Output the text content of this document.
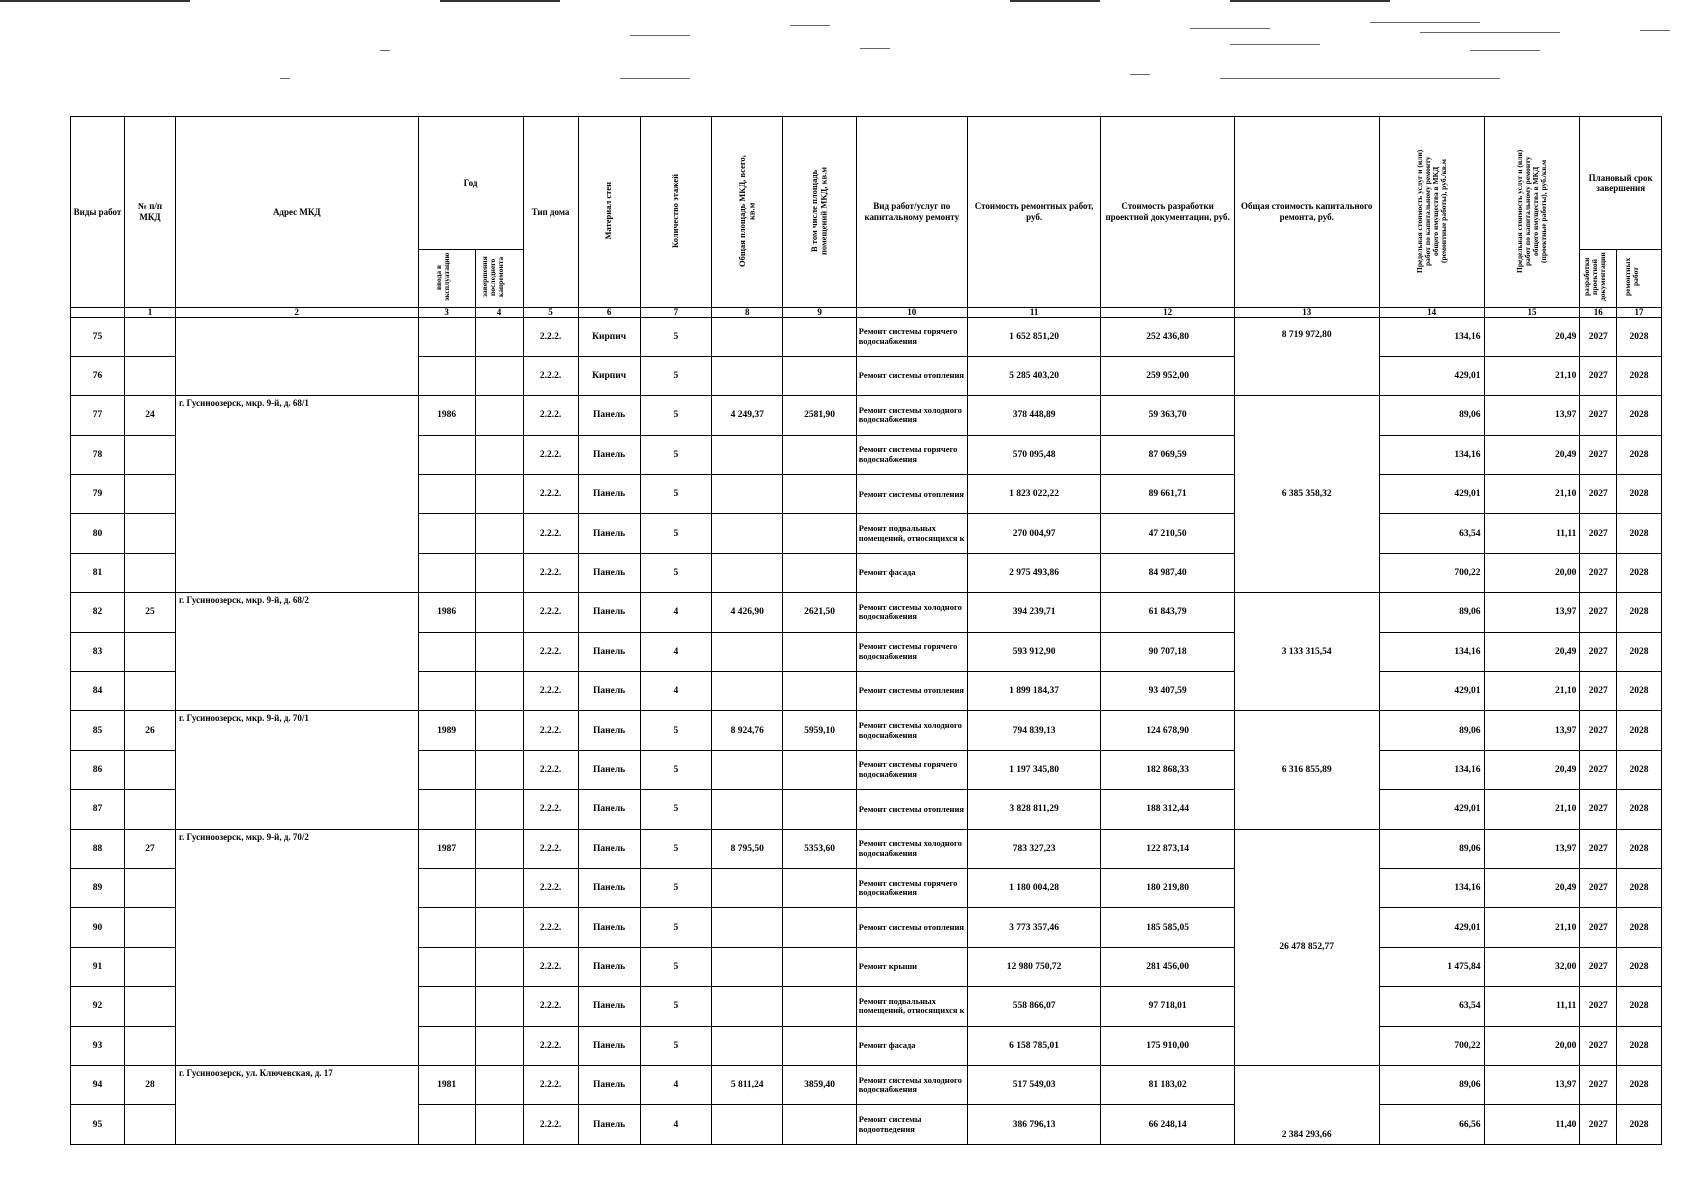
Виды работ	№ п/п МКД	Адрес МКД	Год		Тип дома	Материал стен	Количество этажей	Общая площадь МКД, всего, кв.м	В том числе площадь помещений МКД, кв.м	Вид работ/услуг по капитальному ремонту	Стоимость ремонтных работ, руб.	Стоимость разработки проектной документации, руб.	Общая стоимость капитального ремонта, руб.	Предельная стоимость услуг и (или) работ по капитальному ремонту общего имущества в МКД (ремонтные работы), руб./кв.м	Предельная стоимость услуг и (или) работ по капитальному ремонту общего имущества в МКД (проектные работы), руб./кв.м	Плановый срок завершения	
			ввода в эксплуатацию	завершения последнего капремонта												разработки проектной документации	ремонтных работ
	1	2	3	4	5	6	7	8	9	10	11	12	13	14	15	16	17
75					2.2.2.	Кирпич	5			Ремонт системы горячего водоснабжения	1 652 851,20	252 436,80	8 719 972,80	134,16	20,49	2027	2028
76					2.2.2.	Кирпич	5			Ремонт системы отопления	5 285 403,20	259 952,00		429,01	21,10	2027	2028
77	24	г. Гусиноозерск, мкр. 9-й, д. 68/1	1986		2.2.2.	Панель	5	4 249,37	2581,90	Ремонт системы холодного водоснабжения	378 448,89	59 363,70	6 385 358,32	89,06	13,97	2027	2028
78					2.2.2.	Панель	5			Ремонт системы горячего водоснабжения	570 095,48	87 069,59		134,16	20,49	2027	2028
79					2.2.2.	Панель	5			Ремонт системы отопления	1 823 022,22	89 661,71		429,01	21,10	2027	2028
80					2.2.2.	Панель	5			Ремонт подвальных помещений, относящихся к	270 004,97	47 210,50		63,54	11,11	2027	2028
81					2.2.2.	Панель	5			Ремонт фасада	2 975 493,86	84 987,40		700,22	20,00	2027	2028
82	25	г. Гусиноозерск, мкр. 9-й, д. 68/2	1986		2.2.2.	Панель	4	4 426,90	2621,50	Ремонт системы холодного водоснабжения	394 239,71	61 843,79	3 133 315,54	89,06	13,97	2027	2028
83					2.2.2.	Панель	4			Ремонт системы горячего водоснабжения	593 912,90	90 707,18		134,16	20,49	2027	2028
84					2.2.2.	Панель	4			Ремонт системы отопления	1 899 184,37	93 407,59		429,01	21,10	2027	2028
85	26	г. Гусиноозерск, мкр. 9-й, д. 70/1	1989		2.2.2.	Панель	5	8 924,76	5959,10	Ремонт системы холодного водоснабжения	794 839,13	124 678,90	6 316 855,89	89,06	13,97	2027	2028
86					2.2.2.	Панель	5			Ремонт системы горячего водоснабжения	1 197 345,80	182 868,33		134,16	20,49	2027	2028
87					2.2.2.	Панель	5			Ремонт системы отопления	3 828 811,29	188 312,44		429,01	21,10	2027	2028
88	27	г. Гусиноозерск, мкр. 9-й, д. 70/2	1987		2.2.2.	Панель	5	8 795,50	5353,60	Ремонт системы холодного водоснабжения	783 327,23	122 873,14	26 478 852,77	89,06	13,97	2027	2028
89					2.2.2.	Панель	5			Ремонт системы горячего водоснабжения	1 180 004,28	180 219,80		134,16	20,49	2027	2028
90					2.2.2.	Панель	5			Ремонт системы отопления	3 773 357,46	185 585,05		429,01	21,10	2027	2028
91					2.2.2.	Панель	5			Ремонт крыши	12 980 750,72	281 456,00		1 475,84	32,00	2027	2028
92					2.2.2.	Панель	5			Ремонт подвальных помещений, относящихся к	558 866,07	97 718,01		63,54	11,11	2027	2028
93					2.2.2.	Панель	5			Ремонт фасада	6 158 785,01	175 910,00		700,22	20,00	2027	2028
94	28	г. Гусиноозерск, ул. Ключевская, д. 17	1981		2.2.2.	Панель	4	5 811,24	3859,40	Ремонт системы холодного водоснабжения	517 549,03	81 183,02	2 384 293,66	89,06	13,97	2027	2028
95					2.2.2.	Панель	4			Ремонт системы водоотведения	386 796,13	66 248,14		66,56	11,40	2027	2028
